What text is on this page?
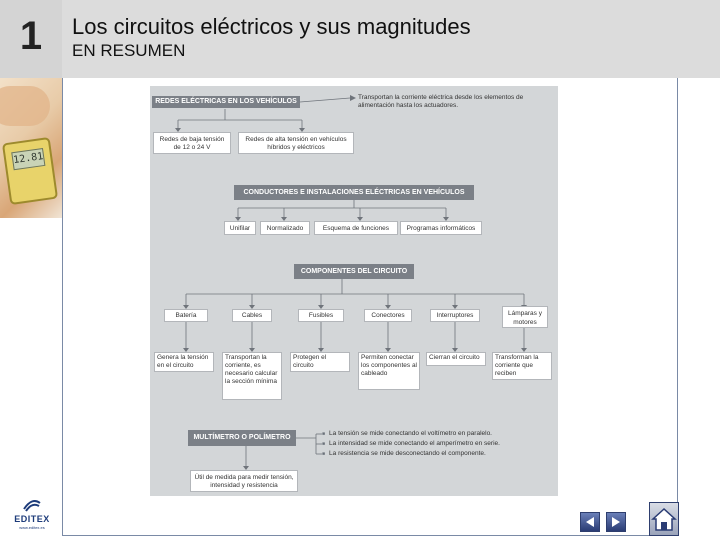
1	Los circuitos eléctricos y sus magnitudes
EN RESUMEN
12.81
REDES ELÉCTRICAS EN LOS VEHÍCULOS
Transportan la corriente eléctrica desde los elementos de alimentación hasta los actuadores.
Redes de baja tensión de 12 o 24 V
Redes de alta tensión en vehículos híbridos y eléctricos
CONDUCTORES E INSTALACIONES ELÉCTRICAS EN VEHÍCULOS
Unifilar	Normalizado	Esquema de funciones	Programas informáticos
COMPONENTES DEL CIRCUITO
Batería	Cables	Fusibles	Conectores	Interruptores	Lámparas y motores
Genera la tensión en el circuito
Transportan la corriente, es necesario calcular la sección mínima
Protegen el circuito
Permiten conectar los componentes al cableado
Cierran el circuito	Transforman la corriente que reciben
MULTÍMETRO O POLÍMETRO
■ La tensión se mide conectando el voltímetro en paralelo.
■ La intensidad se mide conectando el amperímetro en serie.
■ La resistencia se mide desconectando el componente.
Útil de medida para medir tensión, intensidad y resistencia
EDITEX
www.editex.es
